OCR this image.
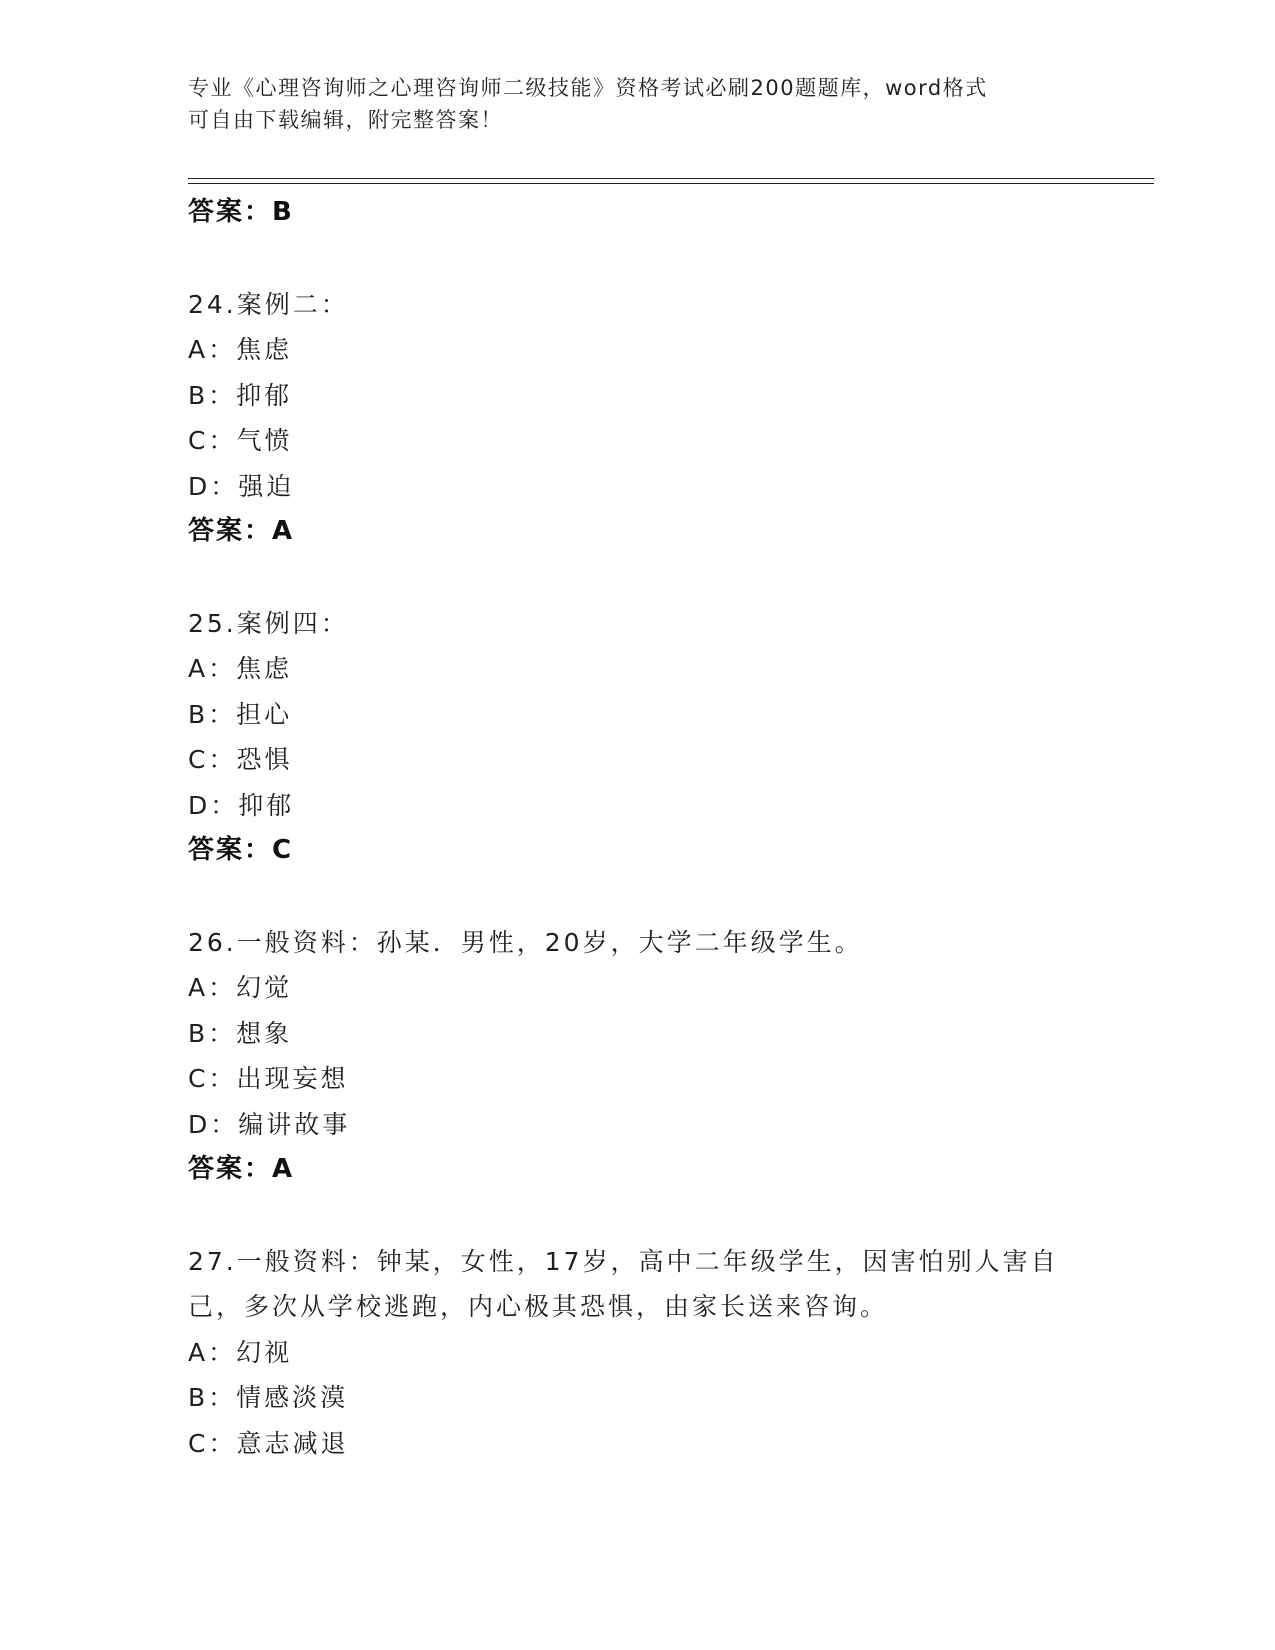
专业《心理咨询师之心理咨询师二级技能》资格考试必刷200题题库，word格式
可自由下载编辑，附完整答案！
答案：B
24.案例二：
A：焦虑
B：抑郁
C：气愤
D：强迫
答案：A
25.案例四：
A：焦虑
B：担心
C：恐惧
D：抑郁
答案：C
26.一般资料：孙某．男性，20岁，大学二年级学生。
A：幻觉
B：想象
C：出现妄想
D：编讲故事
答案：A
27.一般资料：钟某，女性，17岁，高中二年级学生，因害怕别人害自
己，多次从学校逃跑，内心极其恐惧，由家长送来咨询。
A：幻视
B：情感淡漠
C：意志减退
